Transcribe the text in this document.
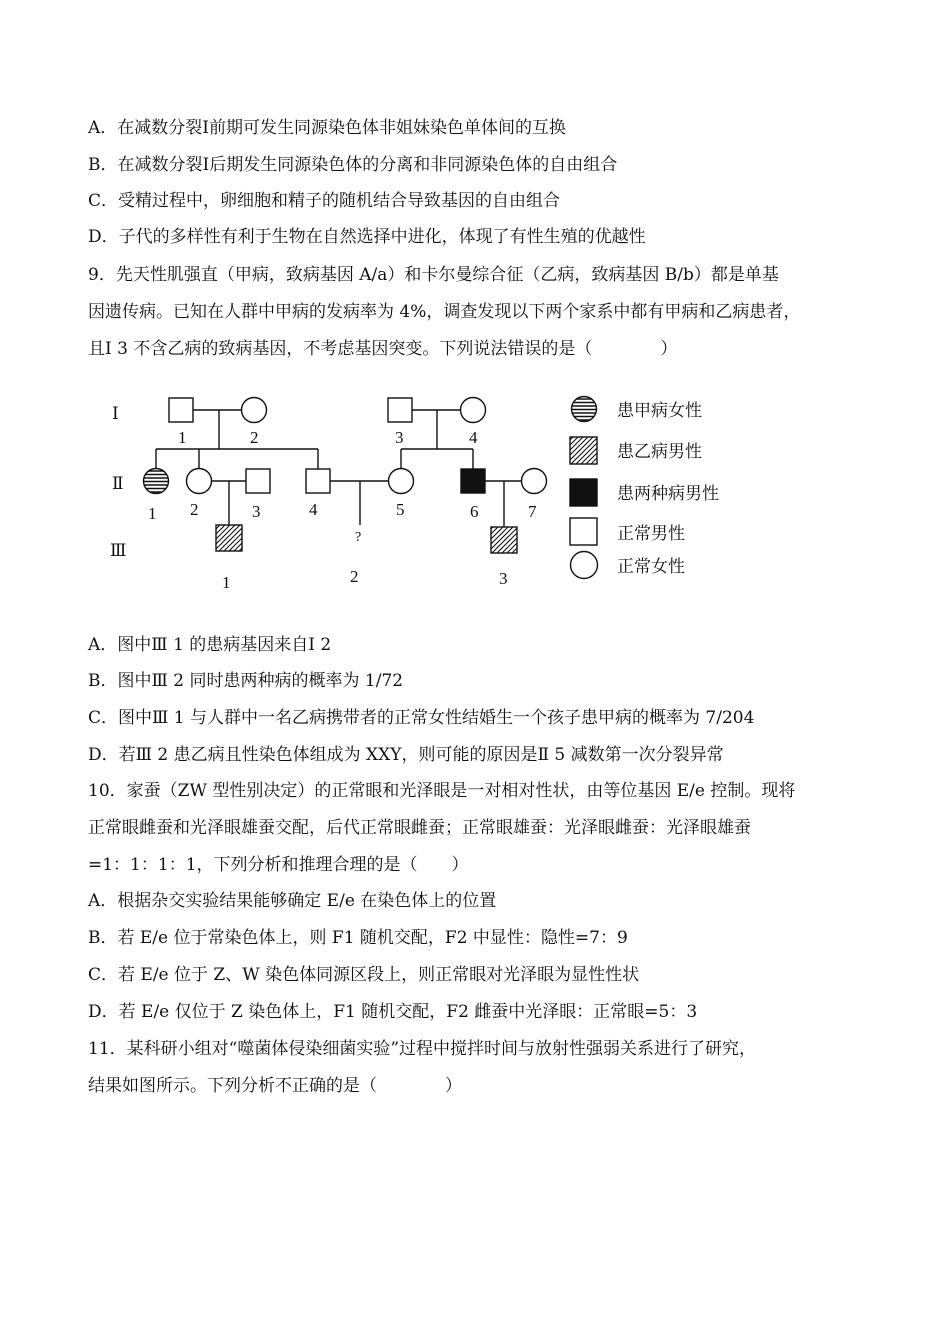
A．在减数分裂Ⅰ前期可发生同源染色体非姐妹染色单体间的互换
B．在减数分裂Ⅰ后期发生同源染色体的分离和非同源染色体的自由组合
C．受精过程中，卵细胞和精子的随机结合导致基因的自由组合
D．子代的多样性有利于生物在自然选择中进化，体现了有性生殖的优越性
9．先天性肌强直（甲病，致病基因 A/a）和卡尔曼综合征（乙病，致病基因 B/b）都是单基
因遗传病。已知在人群中甲病的发病率为 4%，调查发现以下两个家系中都有甲病和乙病患者，
且Ⅰ 3 不含乙病的致病基因，不考虑基因突变。下列说法错误的是（　　　　）
Ⅰ
Ⅱ
Ⅲ
1	2	3	4
1 2	3	4	5	6	7
?
1	2	3
患甲病女性
患乙病男性
患两种病男性
正常男性
正常女性
A．图中Ⅲ 1 的患病基因来自Ⅰ 2
B．图中Ⅲ 2 同时患两种病的概率为 1/72
C．图中Ⅲ 1 与人群中一名乙病携带者的正常女性结婚生一个孩子患甲病的概率为 7/204
D．若Ⅲ 2 患乙病且性染色体组成为 XXY，则可能的原因是Ⅱ 5 减数第一次分裂异常
10．家蚕（ZW 型性别决定）的正常眼和光泽眼是一对相对性状，由等位基因 E/e 控制。现将
正常眼雌蚕和光泽眼雄蚕交配，后代正常眼雌蚕；正常眼雄蚕：光泽眼雌蚕：光泽眼雄蚕
=1：1：1：1，下列分析和推理合理的是（　　）
A．根据杂交实验结果能够确定 E/e 在染色体上的位置
B．若 E/e 位于常染色体上，则 F1 随机交配，F2 中显性：隐性=7：9
C．若 E/e 位于 Z、W 染色体同源区段上，则正常眼对光泽眼为显性性状
D．若 E/e 仅位于 Z 染色体上，F1 随机交配，F2 雌蚕中光泽眼：正常眼=5：3
11．某科研小组对“噬菌体侵染细菌实验”过程中搅拌时间与放射性强弱关系进行了研究，
结果如图所示。下列分析不正确的是（　　　　）
